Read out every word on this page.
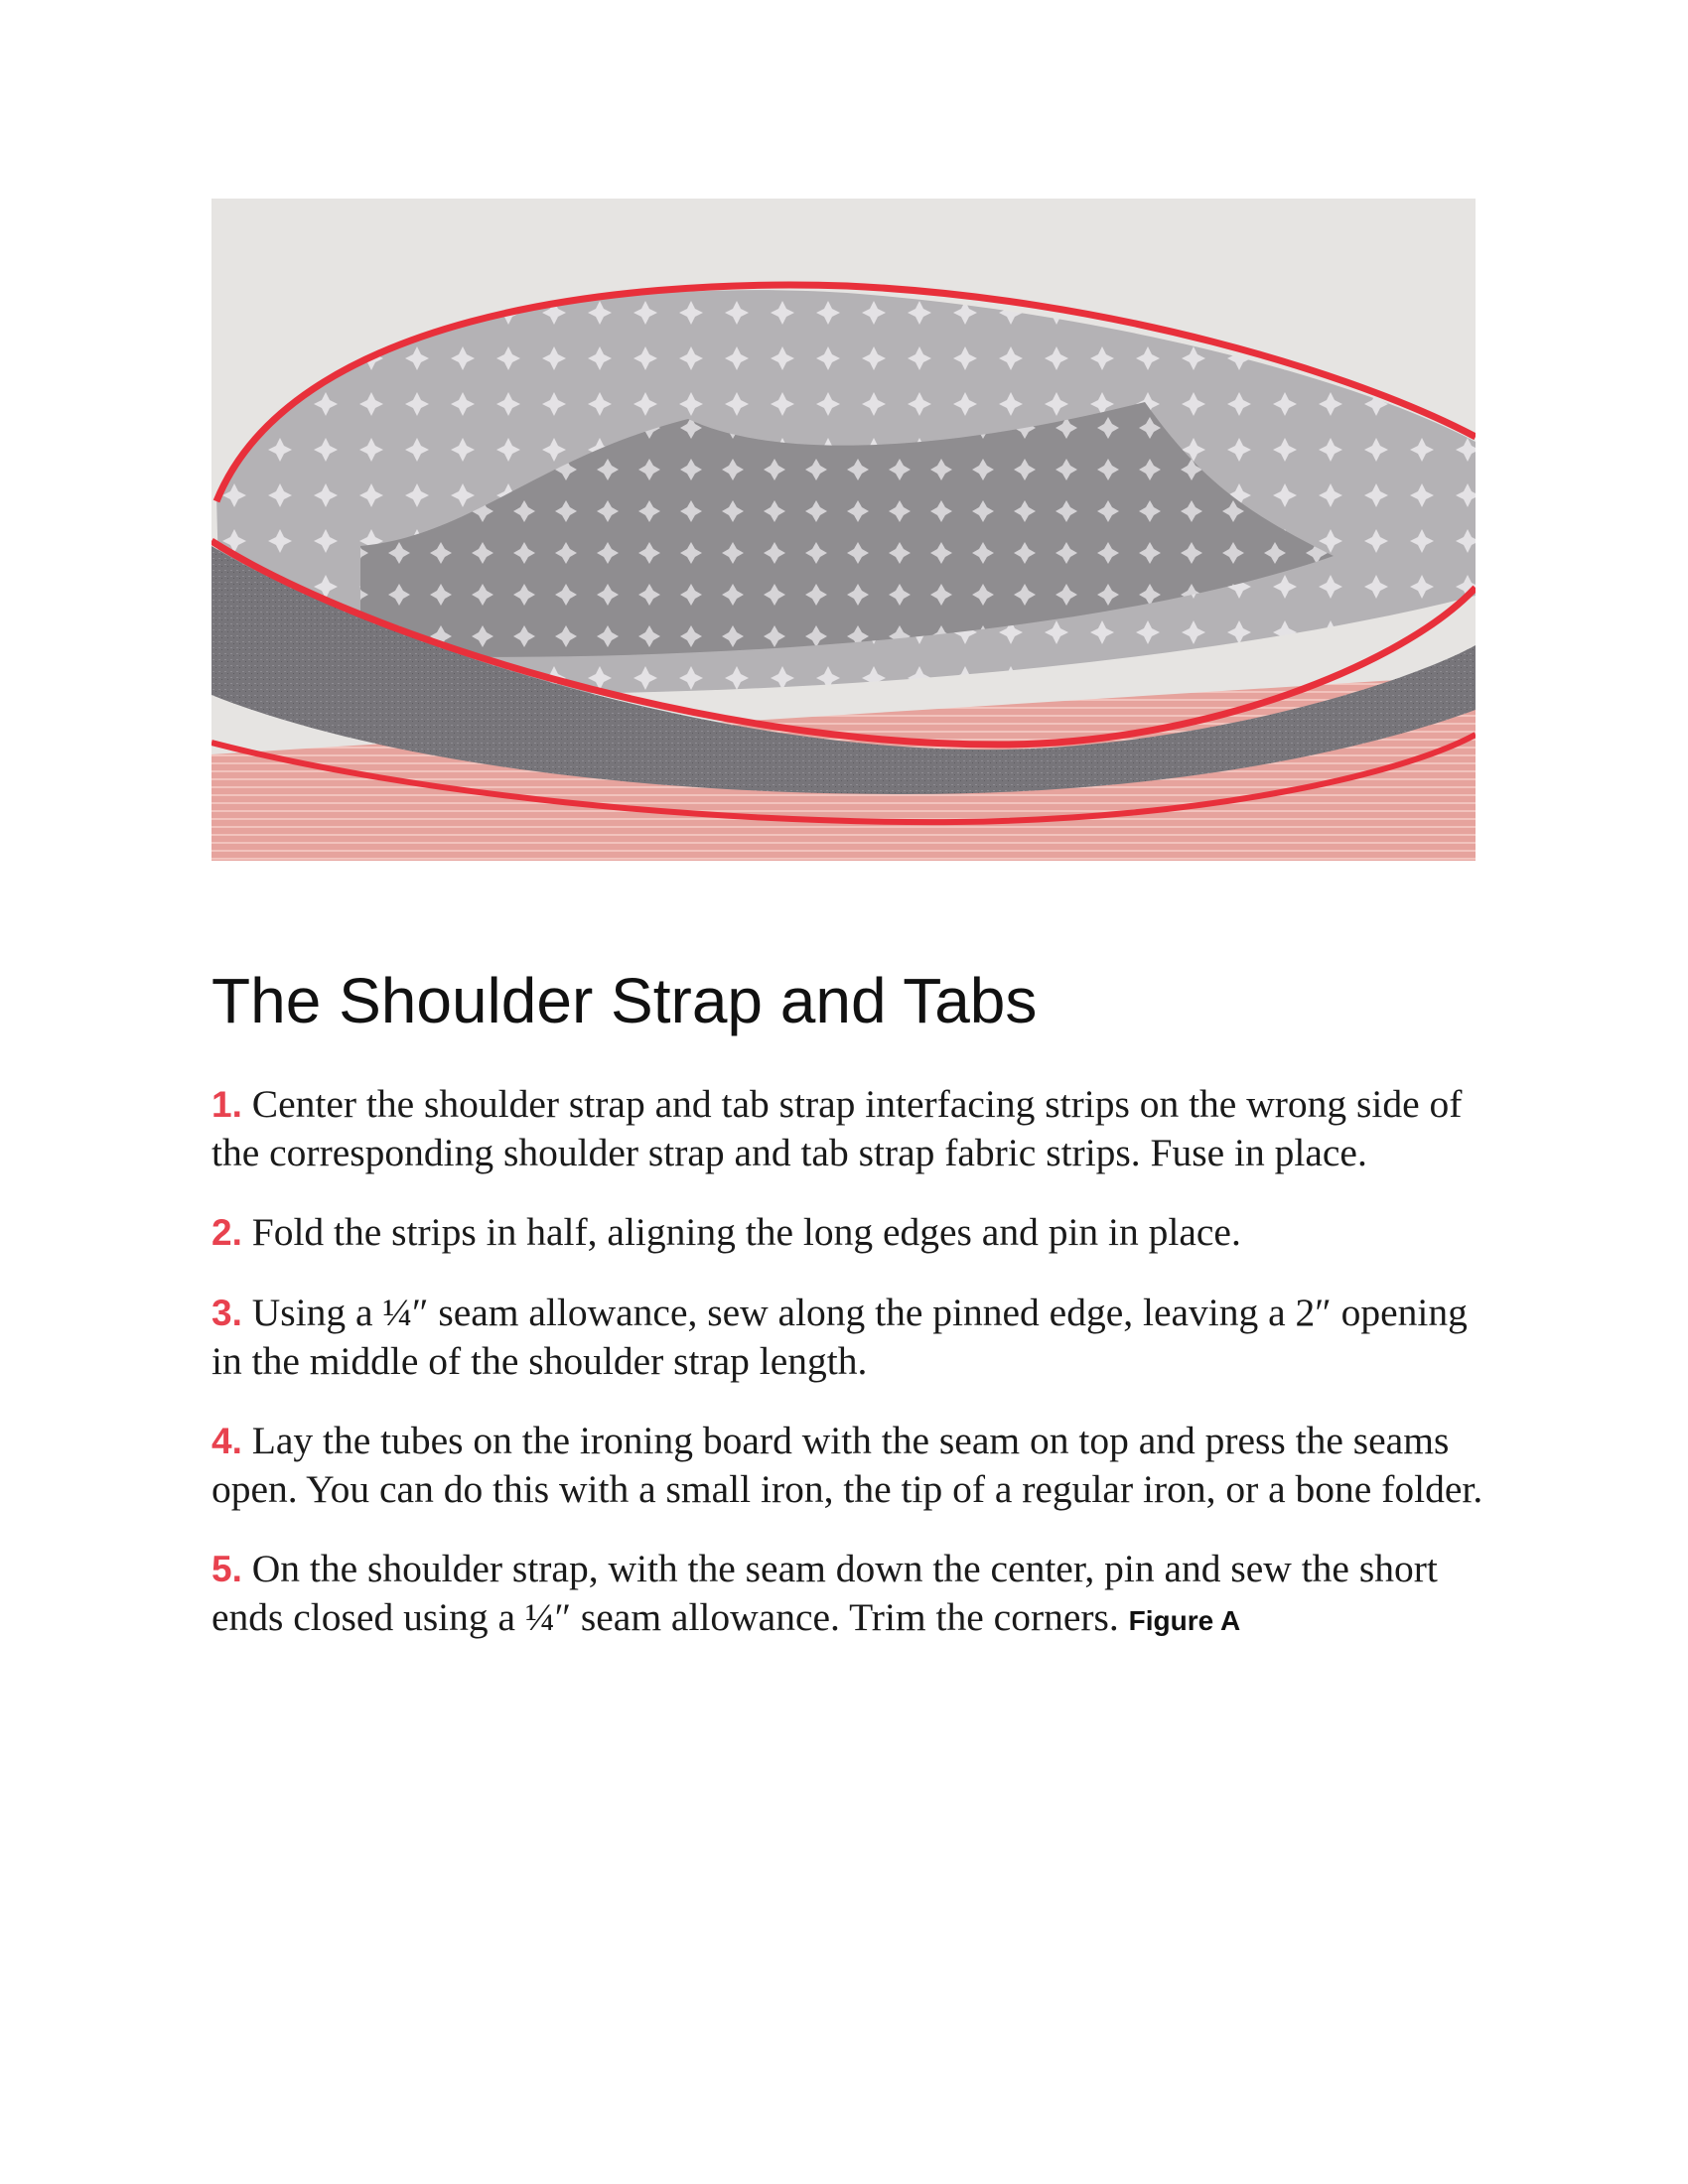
The Shoulder Strap and Tabs

1. Center the shoulder strap and tab strap interfacing strips on the wrong side of the corresponding shoulder strap and tab strap fabric strips. Fuse in place.

2. Fold the strips in half, aligning the long edges and pin in place.

3. Using a ¼″ seam allowance, sew along the pinned edge, leaving a 2″ opening in the middle of the shoulder strap length.

4. Lay the tubes on the ironing board with the seam on top and press the seams open. You can do this with a small iron, the tip of a regular iron, or a bone folder.

5. On the shoulder strap, with the seam down the center, pin and sew the short ends closed using a ¼″ seam allowance. Trim the corners. Figure A
